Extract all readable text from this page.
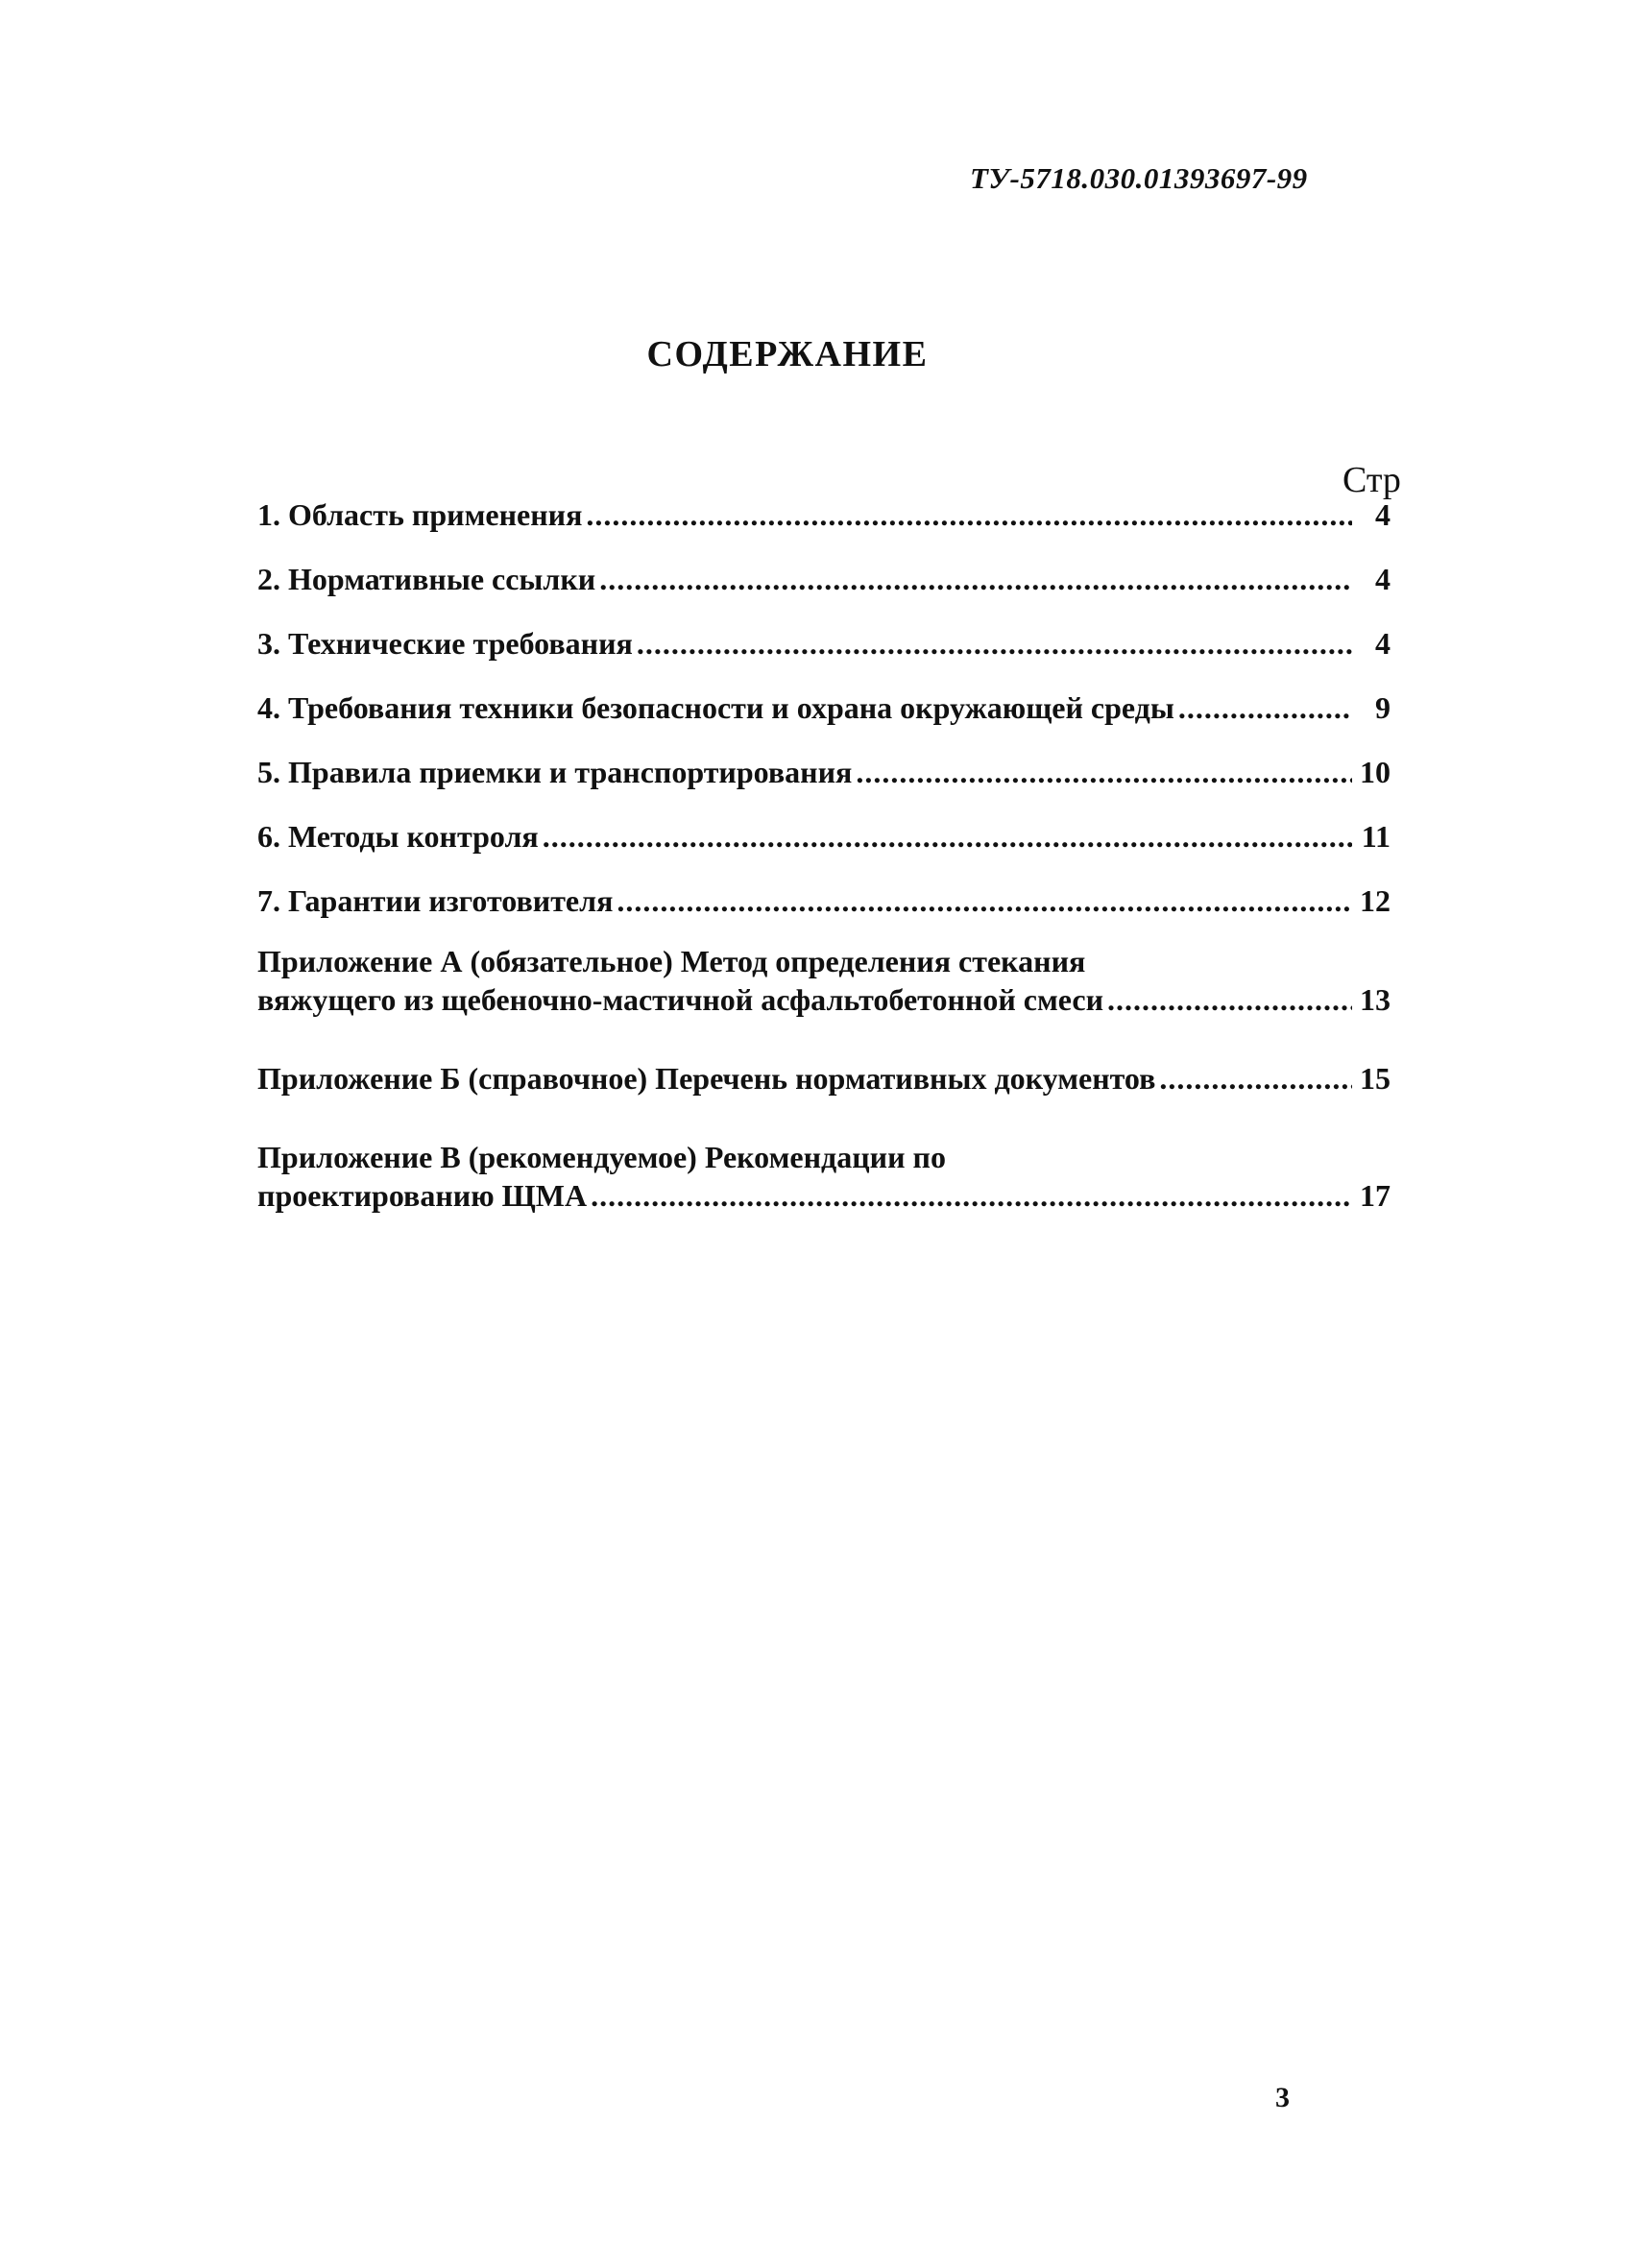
ТУ-5718.030.01393697-99
СОДЕРЖАНИЕ
Стр
1. Область применения .....	4
2. Нормативные ссылки .....	4
3. Технические требования .....	4
4. Требования техники безопасности и охрана окружающей среды .....	9
5. Правила приемки и транспортирования .....	10
6. Методы контроля .....	11
7. Гарантии изготовителя .....	12
Приложение А (обязательное) Метод определения стекания
вяжущего из щебеночно-мастичной асфальтобетонной смеси .....	13
Приложение Б (справочное) Перечень нормативных документов .....	15
Приложение В (рекомендуемое) Рекомендации по
проектированию ЩМА .....	17
3
